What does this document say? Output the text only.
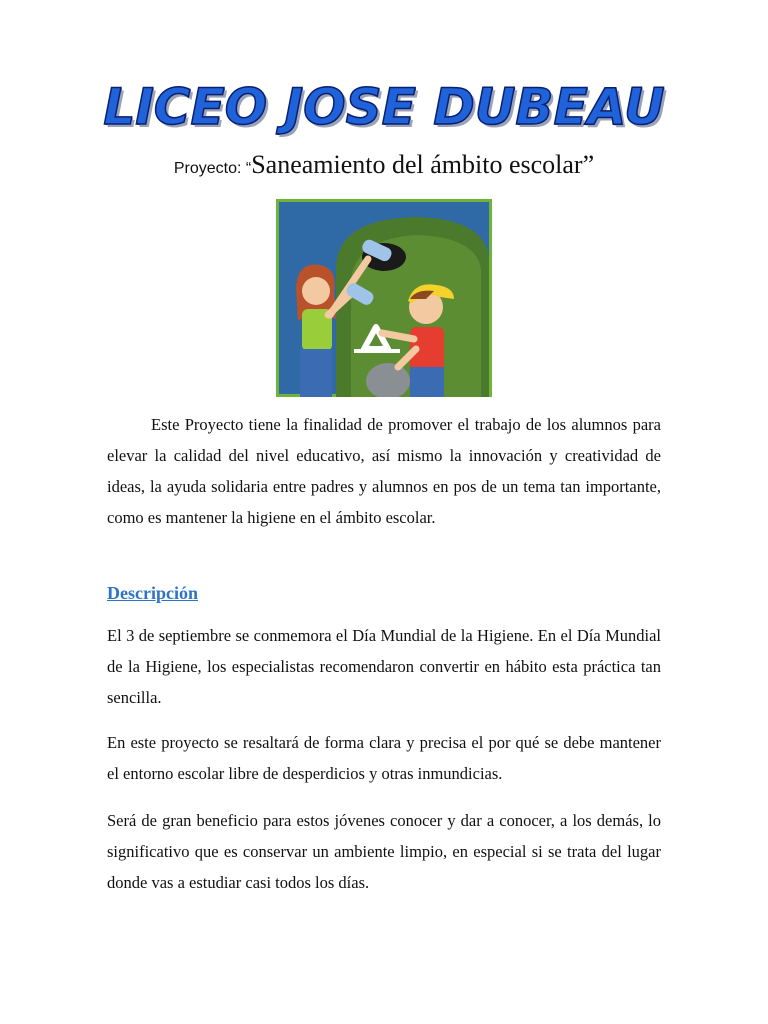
LICEO JOSE DUBEAU
Proyecto: “Saneamiento del ámbito escolar”

Este Proyecto tiene la finalidad de promover el trabajo de los alumnos para elevar la calidad del nivel educativo, así mismo la innovación y creatividad de ideas, la ayuda solidaria entre padres y alumnos en pos de un tema tan importante, como es mantener la higiene en el ámbito escolar.

Descripción

El 3 de septiembre se conmemora el Día Mundial de la Higiene. En el Día Mundial de la Higiene, los especialistas recomendaron convertir en hábito esta práctica tan sencilla.

En este proyecto se resaltará de forma clara y precisa el por qué se debe mantener el entorno escolar libre de desperdicios y otras inmundicias.

Será de gran beneficio para estos jóvenes conocer y dar a conocer, a los demás, lo significativo que es conservar un ambiente limpio, en especial si se trata del lugar donde vas a estudiar casi todos los días.
